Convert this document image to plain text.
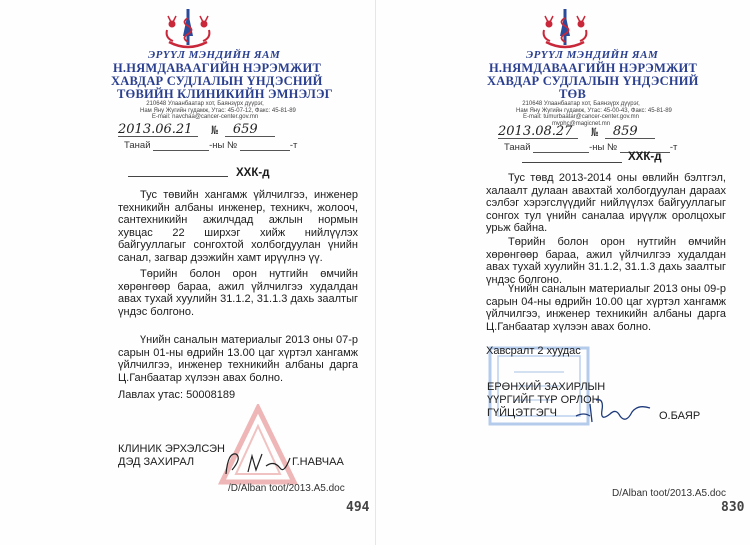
ЭРҮҮЛ МЭНДИЙН ЯАМ
Н.НЯМДАВААГИЙН НЭРЭМЖИТ
ХАВДАР СУДЛАЛЫН ҮНДЭСНИЙ
ТӨВИЙН КЛИНИКИЙН ЭМНЭЛЭГ
210648 Улаанбаатар хот, Баянзүрх дүүрэг,
Нам Яну Жугийн гудамж, Утас: 45-07-12, Факс: 45-81-89
E-mail: navchaa@cancer-center.gov.mn
2013.06.21 № 659
Танай	-ны №	-т
ХХК-д
Тус төвийн хангамж үйлчилгээ, инженер техникийн албаны инженер, техникч, жолооч, сантехникийн ажилчдад ажлын нормын хувцас 22 ширхэг хийж нийлүүлэх байгууллагыг сонгохтой холбогдуулан үнийн санал, загвар дээжийн хамт ирүүлнэ үү.
Төрийн болон орон нутгийн өмчийн хөрөнгөөр бараа, ажил үйлчилгээ худалдан авах тухай хуулийн 31.1.2, 31.1.3 дахь заалтыг үндэс болгоно.
Үнийн саналын материалыг 2013 оны 07-р сарын 01-ны өдрийн 13.00 цаг хүртэл хангамж үйлчилгээ, инженер техникийн албаны дарга Ц.Ганбаатар хүлээн авах болно.
Лавлах утас: 50008189
КЛИНИК ЭРХЭЛСЭН
ДЭД ЗАХИРАЛ	Г.НАВЧАА
/D/Alban toot/2013.A5.doc
494
ЭРҮҮЛ МЭНДИЙН ЯАМ
Н.НЯМДАВААГИЙН НЭРЭМЖИТ
ХАВДАР СУДЛАЛЫН ҮНДЭСНИЙ
ТӨВ
210648 Улаанбаатар хот, Баянзүрх дүүрэг,
Нам Яну Жугийн гудамж, Утас: 45-00-43, Факс: 45-81-89
E-mail: tumurbaatar@cancer-center.gov.mn
mvphc@magicnet.mn
2013.08.27 № 859
Танай	-ны №	-т
ХХК-д
Тус төвд 2013-2014 оны өвлийн бэлтгэл, халаалт дулаан авахтай холбогдуулан дараах сэлбэг хэрэгслүүдийг нийлүүлэх байгууллагыг сонгох тул үнийн саналаа ирүүлж оролцохыг урьж байна.
Төрийн болон орон нутгийн өмчийн хөрөнгөөр бараа, ажил үйлчилгээ худалдан авах тухай хуулийн 31.1.2, 31.1.3 дахь заалтыг үндэс болгоно.
Үнийн саналын материалыг 2013 оны 09-р сарын 04-ны өдрийн 10.00 цаг хүртэл хангамж үйлчилгээ, инженер техникийн албаны дарга Ц.Ганбаатар хүлээн авах болно.
Хавсралт 2 хуудас
ЕРӨНХИЙ ЗАХИРЛЫН
ҮҮРГИЙГ ТҮР ОРЛОН
ГҮЙЦЭТГЭГЧ	О.БАЯР
D/Alban toot/2013.A5.doc
830
